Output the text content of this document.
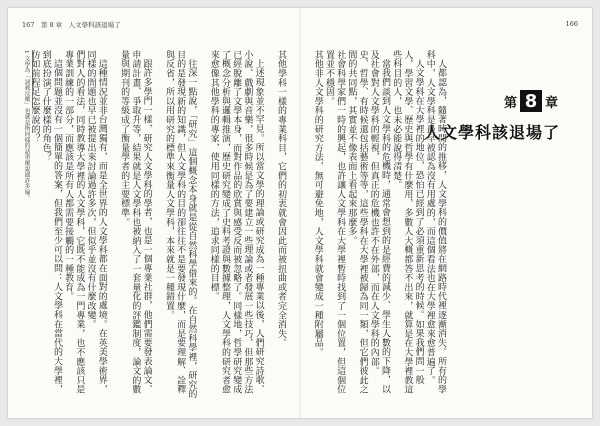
167　第 8 章　人文學科該退場了	166

1 文學為「詞義反覆」也就是指同樣的話重覆說過許多遍。	其他學科一樣的專業科目，它們的初衷就會因此而被扭曲或者完全消失。

上述現象並不罕見。所以當文學的理論或研究成為一種專業以後，人們研究詩歌、小說、戲劇與音樂，很多時候是為了要建立一些理論或者發展一些技巧，但那些方法已經脫離了文學本身，而對作品的欣賞與感受反而被忽略了。同樣地，哲學研究變成了概念分析與邏輯推演，歷史研究變成了史料考證與數據整理，人文學科的研究者愈來愈像其他學科的專家，使用同樣的方法，追求同樣的目標。

往深一點說，「研究」這個概念本身就是從自然科學借來的。在自然科學裡，研究的目的是發現新的知識，但人文學科的目的卻往往不是要發現什麼，而是要理解、詮釋與反省，所以用研究的標準來衡量人文學科，本來就是一種錯置。

跟許多學門一樣，研究人文學科的學者，也是一個專業社群，他們需要發表論文、申請計畫、爭取升等，結果就是人文學科也被納入了一套量化的評鑑制度，論文的數量與期刊的等級成了衡量學者的主要標準。

這種情況並非台灣獨有，而是全世界的人文學科都在面對的處境。在英美學術界，同樣的問題也早已被提出來討論過許多次，但似乎並沒有什麼改變。

們對人的看法，同時教導大學裡的人文學科，它既不能成為一門專業，也不應該只是專業訓練的一部分，而應該是所有人都需要接觸的一種教育。

這個問題並沒有一個簡單的答案，但我們至少可以問：人文學科在當代的大學裡，到底扮演了什麼樣的角色？

仿如前程足怎麼說的？	第 8 章
人文學科該退場了

人都認為，隨著時間的推移，人文學科的價值將在網路時代裡逐漸消失。所有的學科中，人文學科是最早被認為沒有用處的，而這個看法也在大學裡愈來愈普遍了。

人文學科在大學裡的地位，恐怕已經到了必須重新思考的時候。如果我們問一般人，學習文學、歷史與哲學有什麼用，多數人大概都答不出來，就算是在大學裡教這些科目的人，也未必能說得清楚。

當我們談到人文學科的危機時，通常會想到的是經費的減少、學生人數的下降，以及社會對人文學科的輕視，但真正的危機也許不在外部，而在人文學科的內部。

史、哲學、有時候還包括藝術等等，這些學科在大學裡被歸為同一類，但它們彼此之間的共同點，其實並不像表面上看起來那麼多。

社會科學家們一時的興起，也許讓人文學科在大學裡暫時找到了一個位置，但這個位置並不穩固。

其他非人文學科的研究方法，無可避免地，人文學科就會變成一種附屬品。
